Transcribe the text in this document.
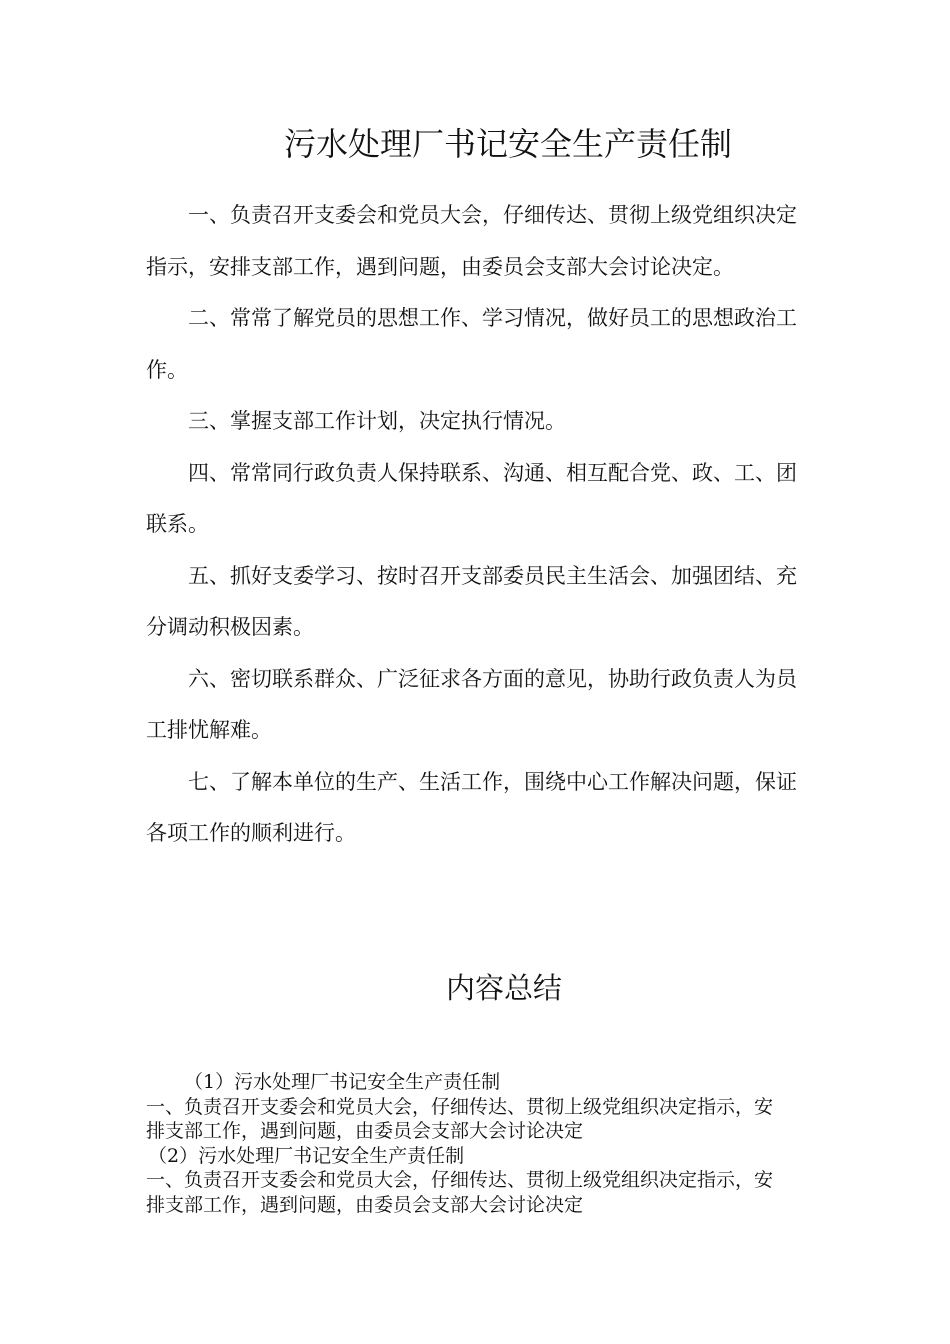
污水处理厂书记安全生产责任制

一、负责召开支委会和党员大会，仔细传达、贯彻上级党组织决定指示，安排支部工作，遇到问题，由委员会支部大会讨论决定。

二、常常了解党员的思想工作、学习情况，做好员工的思想政治工作。

三、掌握支部工作计划，决定执行情况。

四、常常同行政负责人保持联系、沟通、相互配合党、政、工、团联系。

五、抓好支委学习、按时召开支部委员民主生活会、加强团结、充分调动积极因素。

六、密切联系群众、广泛征求各方面的意见，协助行政负责人为员工排忧解难。

七、了解本单位的生产、生活工作，围绕中心工作解决问题，保证各项工作的顺利进行。

内容总结

（1）污水处理厂书记安全生产责任制

一、负责召开支委会和党员大会，仔细传达、贯彻上级党组织决定指示，安排支部工作，遇到问题，由委员会支部大会讨论决定

（2）污水处理厂书记安全生产责任制

一、负责召开支委会和党员大会，仔细传达、贯彻上级党组织决定指示，安排支部工作，遇到问题，由委员会支部大会讨论决定
